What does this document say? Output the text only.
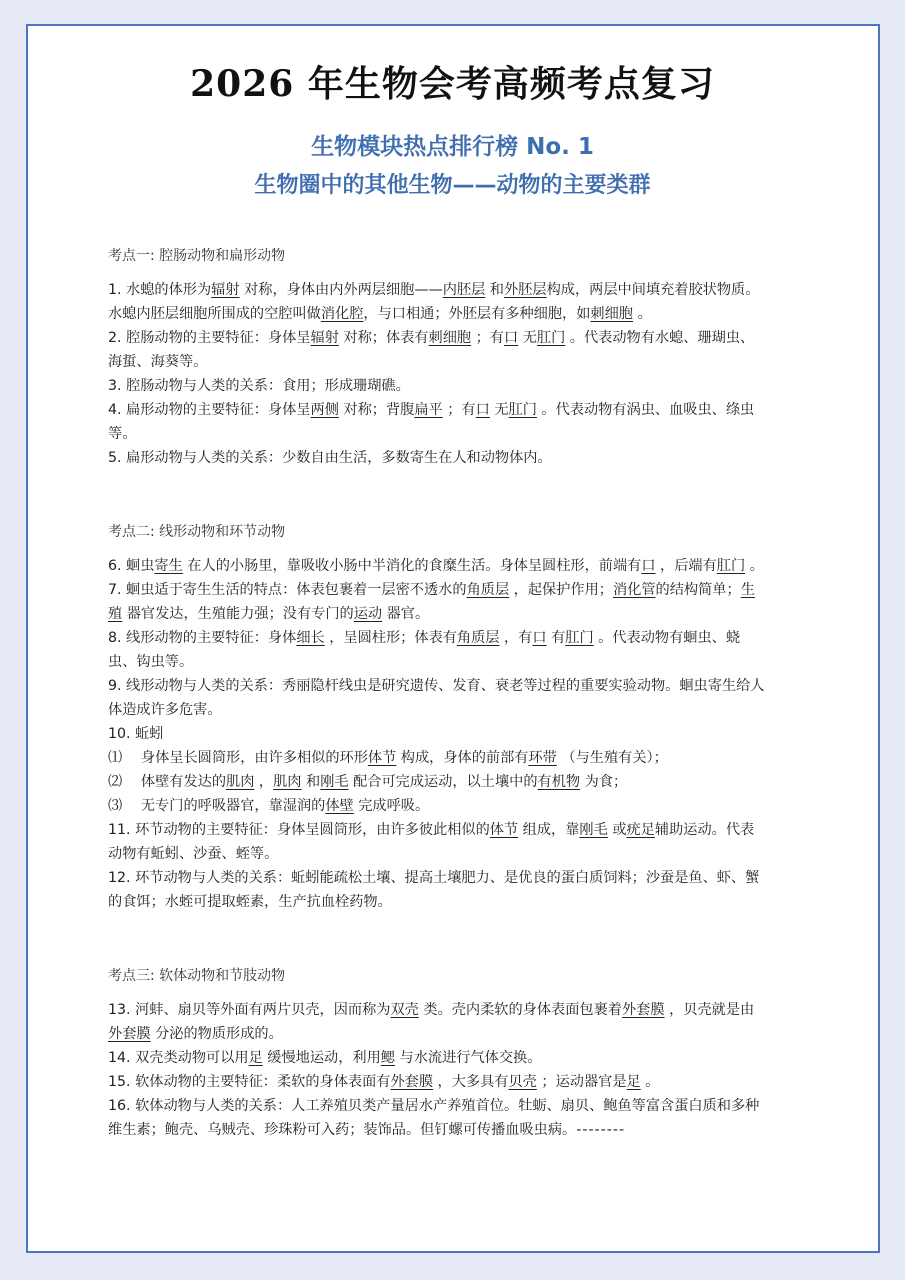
2026 年生物会考高频考点复习
生物模块热点排行榜 No. 1
生物圈中的其他生物——动物的主要类群
考点一: 腔肠动物和扁形动物

1. 水螅的体形为辐射 对称，身体由内外两层细胞——内胚层 和外胚层构成，两层中间填充着胶状物质。水螅内胚层细胞所围成的空腔叫做消化腔，与口相通；外胚层有多种细胞，如刺细胞 。

2. 腔肠动物的主要特征：身体呈辐射 对称；体表有刺细胞 ；有口 无肛门 。代表动物有水螅、珊瑚虫、海蜇、海葵等。

3. 腔肠动物与人类的关系：食用；形成珊瑚礁。

4. 扁形动物的主要特征：身体呈两侧 对称；背腹扁平 ；有口 无肛门 。代表动物有涡虫、血吸虫、绦虫等。

5. 扁形动物与人类的关系：少数自由生活，多数寄生在人和动物体内。

考点二: 线形动物和环节动物

6. 蛔虫寄生 在人的小肠里，靠吸收小肠中半消化的食糜生活。身体呈圆柱形，前端有口 ，后端有肛门 。

7. 蛔虫适于寄生生活的特点：体表包裹着一层密不透水的角质层 ，起保护作用；消化管的结构简单；生殖 器官发达，生殖能力强；没有专门的运动 器官。

8. 线形动物的主要特征：身体细长 ，呈圆柱形；体表有角质层 ，有口 有肛门 。代表动物有蛔虫、蛲虫、钩虫等。

9. 线形动物与人类的关系：秀丽隐杆线虫是研究遗传、发育、衰老等过程的重要实验动物。蛔虫寄生给人体造成许多危害。

10. 蚯蚓

⑴　 身体呈长圆筒形，由许多相似的环形体节 构成，身体的前部有环带 （与生殖有关）；

⑵　 体壁有发达的肌肉 ，肌肉 和刚毛 配合可完成运动，以土壤中的有机物 为食；

⑶　 无专门的呼吸器官，靠湿润的体壁 完成呼吸。

11. 环节动物的主要特征：身体呈圆筒形，由许多彼此相似的体节 组成，靠刚毛 或疣足辅助运动。代表动物有蚯蚓、沙蚕、蛭等。

12. 环节动物与人类的关系：蚯蚓能疏松土壤、提高土壤肥力、是优良的蛋白质饲料；沙蚕是鱼、虾、蟹的食饵；水蛭可提取蛭素，生产抗血栓药物。

考点三: 软体动物和节肢动物

13. 河蚌、扇贝等外面有两片贝壳，因而称为双壳 类。壳内柔软的身体表面包裹着外套膜 ，贝壳就是由外套膜 分泌的物质形成的。

14. 双壳类动物可以用足 缓慢地运动，利用鳃 与水流进行气体交换。

15. 软体动物的主要特征：柔软的身体表面有外套膜 ，大多具有贝壳 ；运动器官是足 。

16. 软体动物与人类的关系：人工养殖贝类产量居水产养殖首位。牡蛎、扇贝、鲍鱼等富含蛋白质和多种维生素；鲍壳、乌贼壳、珍珠粉可入药；装饰品。但钉螺可传播血吸虫病。--------
